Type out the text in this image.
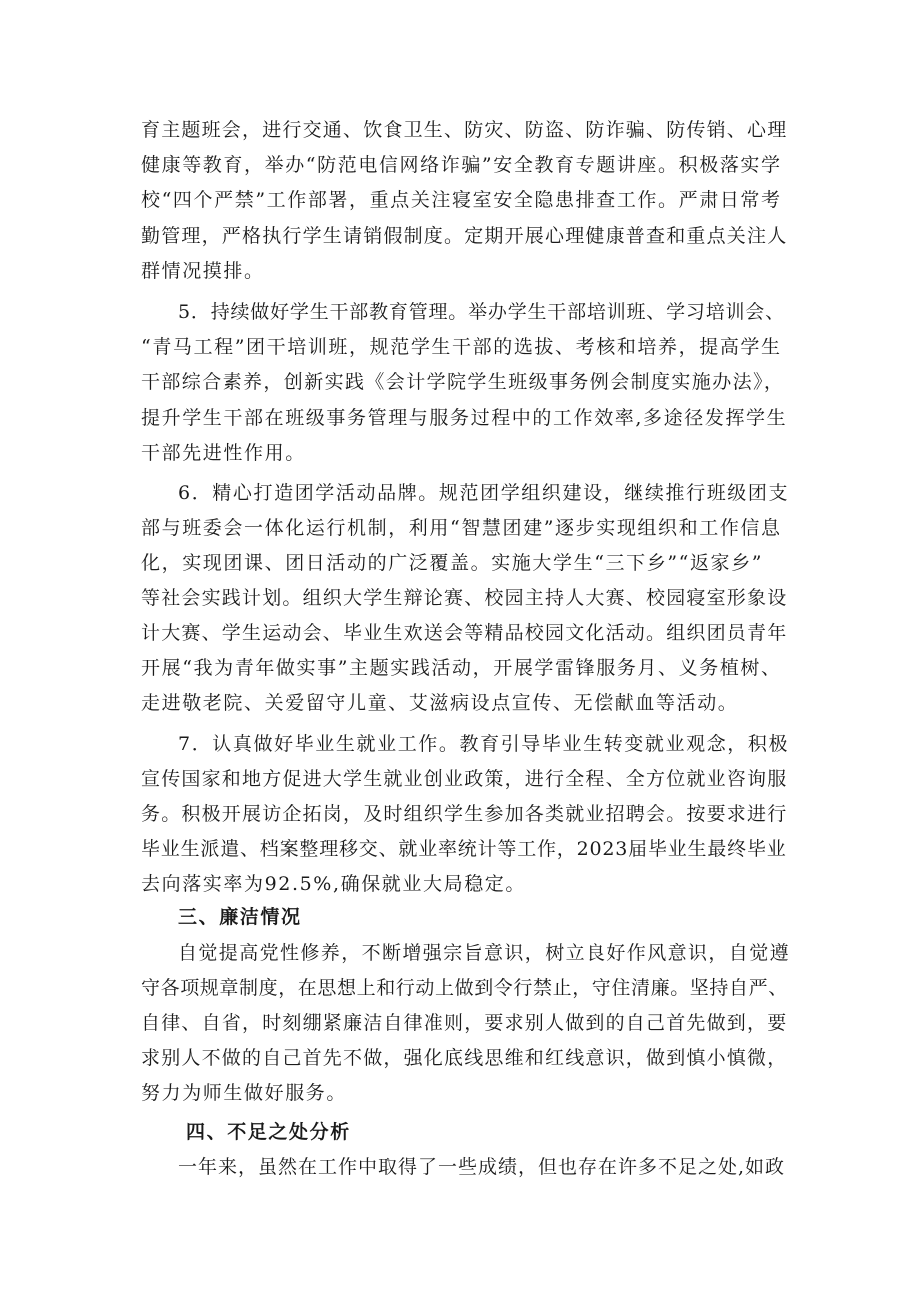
育主题班会，进行交通、饮食卫生、防灾、防盗、防诈骗、防传销、心理
健康等教育，举办“防范电信网络诈骗”安全教育专题讲座。积极落实学
校“四个严禁”工作部署，重点关注寝室安全隐患排查工作。严肃日常考
勤管理，严格执行学生请销假制度。定期开展心理健康普查和重点关注人
群情况摸排。
5．持续做好学生干部教育管理。举办学生干部培训班、学习培训会、
“青马工程”团干培训班，规范学生干部的选拔、考核和培养，提高学生
干部综合素养，创新实践《会计学院学生班级事务例会制度实施办法》，
提升学生干部在班级事务管理与服务过程中的工作效率,多途径发挥学生
干部先进性作用。
6．精心打造团学活动品牌。规范团学组织建设，继续推行班级团支
部与班委会一体化运行机制，利用“智慧团建”逐步实现组织和工作信息
化，实现团课、团日活动的广泛覆盖。实施大学生“三下乡”“返家乡”
等社会实践计划。组织大学生辩论赛、校园主持人大赛、校园寝室形象设
计大赛、学生运动会、毕业生欢送会等精品校园文化活动。组织团员青年
开展“我为青年做实事”主题实践活动，开展学雷锋服务月、义务植树、
走进敬老院、关爱留守儿童、艾滋病设点宣传、无偿献血等活动。
7．认真做好毕业生就业工作。教育引导毕业生转变就业观念，积极
宣传国家和地方促进大学生就业创业政策，进行全程、全方位就业咨询服
务。积极开展访企拓岗，及时组织学生参加各类就业招聘会。按要求进行
毕业生派遣、档案整理移交、就业率统计等工作，2023届毕业生最终毕业
去向落实率为92.5%,确保就业大局稳定。
三、廉洁情况
自觉提高党性修养，不断增强宗旨意识，树立良好作风意识，自觉遵
守各项规章制度，在思想上和行动上做到令行禁止，守住清廉。坚持自严、
自律、自省，时刻绷紧廉洁自律准则，要求别人做到的自己首先做到，要
求别人不做的自己首先不做，强化底线思维和红线意识，做到慎小慎微，
努力为师生做好服务。
四、不足之处分析
一年来，虽然在工作中取得了一些成绩，但也存在许多不足之处,如政
